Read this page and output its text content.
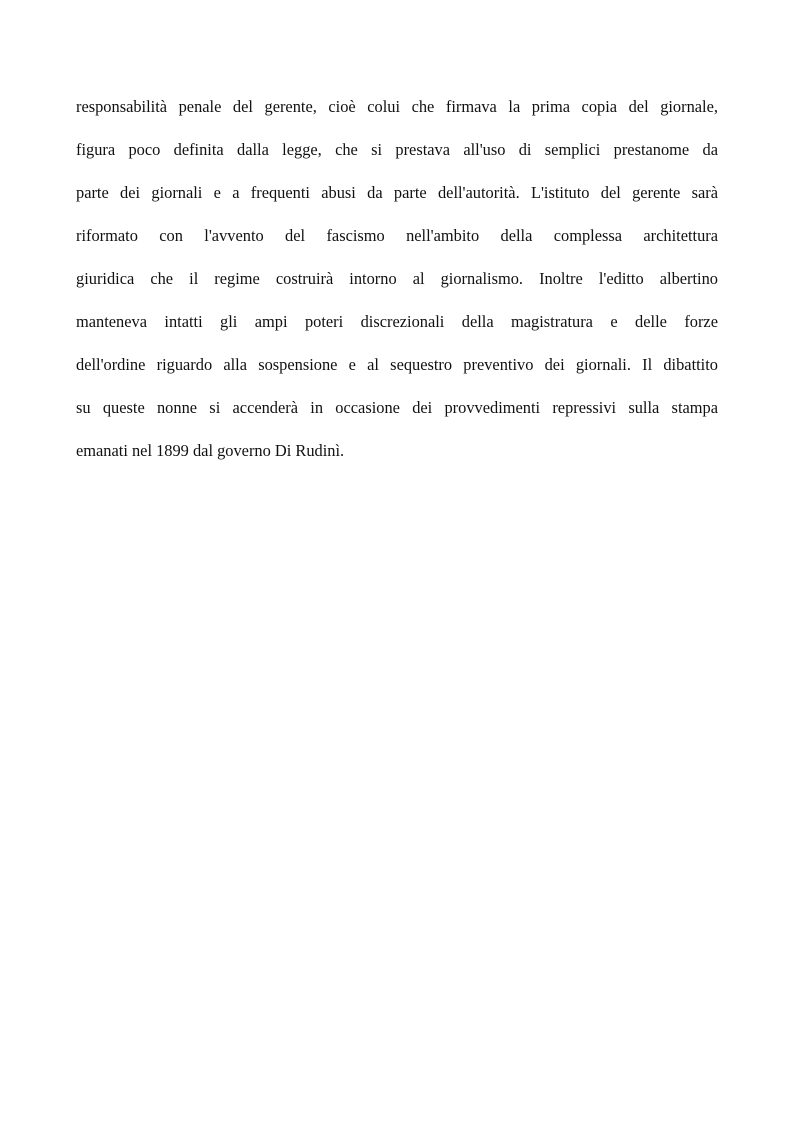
responsabilità penale del gerente, cioè colui che firmava la prima copia del giornale,
figura poco definita dalla legge, che si prestava all'uso di semplici prestanome da
parte dei giornali e a frequenti abusi da parte dell'autorità. L'istituto del gerente sarà
riformato con l'avvento del fascismo nell'ambito della complessa architettura
giuridica che il regime costruirà intorno al giornalismo. Inoltre l'editto albertino
manteneva intatti gli ampi poteri discrezionali della magistratura e delle forze
dell'ordine riguardo alla sospensione e al sequestro preventivo dei giornali. Il dibattito
su queste nonne si accenderà in occasione dei provvedimenti repressivi sulla stampa
emanati nel 1899 dal governo Di Rudinì.
